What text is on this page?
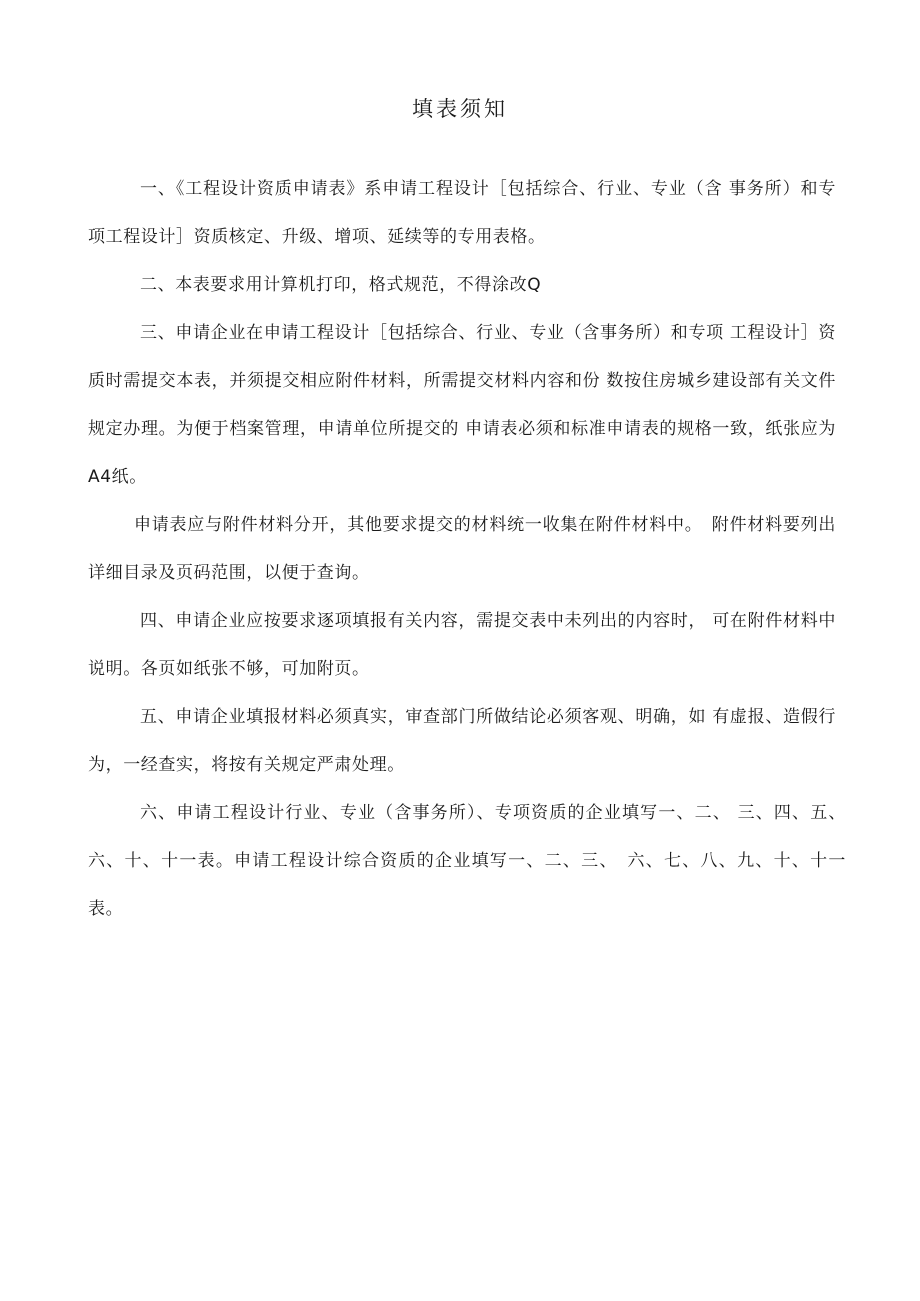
填表须知

一、《工程设计资质申请表》系申请工程设计［包括综合、行业、专业（含 事务所）和专项工程设计］资质核定、升级、增项、延续等的专用表格。

二、本表要求用计算机打印，格式规范，不得涂改Q

三、申请企业在申请工程设计［包括综合、行业、专业（含事务所）和专项 工程设计］资质时需提交本表，并须提交相应附件材料，所需提交材料内容和份 数按住房城乡建设部有关文件规定办理。为便于档案管理，申请单位所提交的 申请表必须和标准申请表的规格一致，纸张应为A4纸。

申请表应与附件材料分开，其他要求提交的材料统一收集在附件材料中。　附件材料要列出详细目录及页码范围，以便于查询。

四、申请企业应按要求逐项填报有关内容，需提交表中未列出的内容时， 可在附件材料中说明。各页如纸张不够，可加附页。

五、申请企业填报材料必须真实，审查部门所做结论必须客观、明确，如 有虚报、造假行为，一经查实，将按有关规定严肃处理。

六、申请工程设计行业、专业（含事务所）、专项资质的企业填写一、二、 三、四、五、六、十、十一表。申请工程设计综合资质的企业填写一、二、三、　六、七、八、九、十、十一表。
